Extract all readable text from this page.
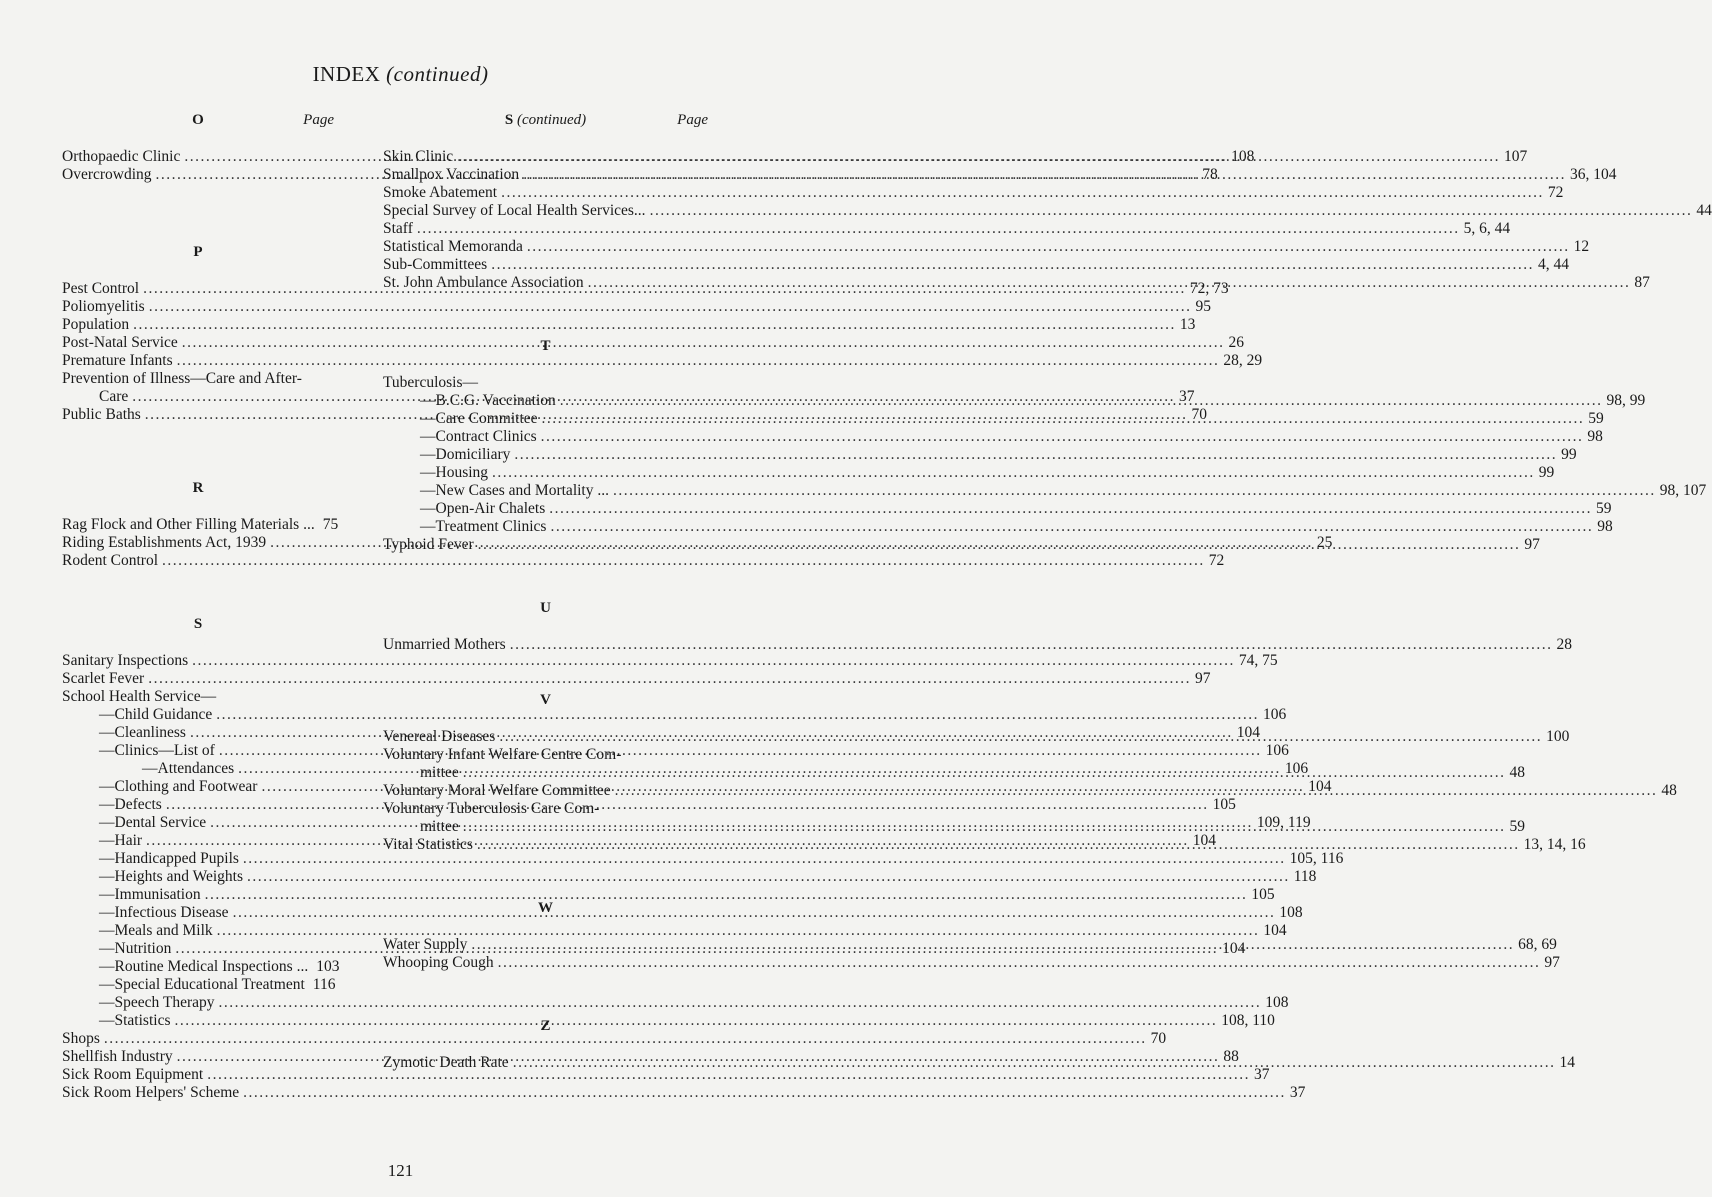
INDEX (continued)
O	Page
Orthopaedic Clinic .....	108
Overcrowding .....	78
P
Pest Control .....	72, 73
Poliomyelitis .....	95
Population .....	13
Post-Natal Service .....	26
Premature Infants .....	28, 29
Prevention of Illness—Care and After-
Care .....	37
Public Baths .....	70
R
Rag Flock and Other Filling Materials ... 75
Riding Establishments Act, 1939 .....	25
Rodent Control .....	72
S
Sanitary Inspections .....	74, 75
Scarlet Fever .....	97
School Health Service—
—Child Guidance .....	106
—Cleanliness .....	104
—Clinics—List of .....	106
—Attendances .....	106
—Clothing and Footwear .....	104
—Defects .....	105
—Dental Service .....	109, 119
—Hair .....	104
—Handicapped Pupils .....	105, 116
—Heights and Weights .....	118
—Immunisation .....	105
—Infectious Disease .....	108
—Meals and Milk .....	104
—Nutrition .....	104
—Routine Medical Inspections ... 103
—Special Educational Treatment 116
—Speech Therapy .....	108
—Statistics .....	108, 110
Shops .....	70
Shellfish Industry .....	88
Sick Room Equipment .....	37
Sick Room Helpers' Scheme .....	37
S (continued)	Page
Skin Clinic .....	107
Smallpox Vaccination .....	36, 104
Smoke Abatement .....	72
Special Survey of Local Health Services... .....	44
Staff .....	5, 6, 44
Statistical Memoranda .....	12
Sub-Committees .....	4, 44
St. John Ambulance Association .....	87
T
Tuberculosis—
—B.C.G. Vaccination .....	98, 99
—Care Committee .....	59
—Contract Clinics .....	98
—Domiciliary .....	99
—Housing .....	99
—New Cases and Mortality ... .....	98, 107
—Open-Air Chalets .....	59
—Treatment Clinics .....	98
Typhoid Fever .....	97
U
Unmarried Mothers .....	28
V
Venereal Diseases .....	100
Voluntary Infant Welfare Centre Com-
mittee .....	48
Voluntary Moral Welfare Committee .....	48
Voluntary Tuberculosis Care Com-
mittee .....	59
Vital Statistics .....	13, 14, 16
W
Water Supply .....	68, 69
Whooping Cough .....	97
Z
Zymotic Death Rate .....	14
121
